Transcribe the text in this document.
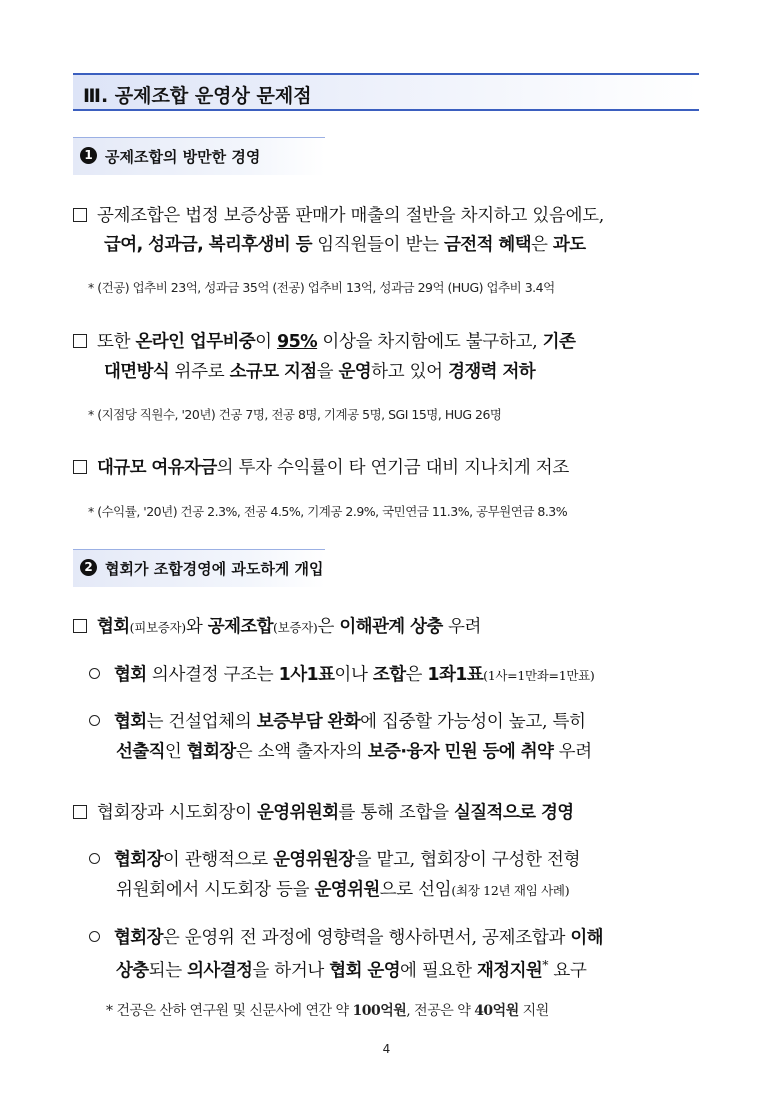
Ⅲ. 공제조합 운영상 문제점
1 공제조합의 방만한 경영
공제조합은 법정 보증상품 판매가 매출의 절반을 차지하고 있음에도,
급여, 성과금, 복리후생비 등 임직원들이 받는 금전적 혜택은 과도
* (건공) 업추비 23억, 성과금 35억 (전공) 업추비 13억, 성과금 29억 (HUG) 업추비 3.4억
또한 온라인 업무비중이 95% 이상을 차지함에도 불구하고, 기존
대면방식 위주로 소규모 지점을 운영하고 있어 경쟁력 저하
* (지점당 직원수, '20년) 건공 7명, 전공 8명, 기계공 5명, SGI 15명, HUG 26명
대규모 여유자금의 투자 수익률이 타 연기금 대비 지나치게 저조
* (수익률, '20년) 건공 2.3%, 전공 4.5%, 기계공 2.9%, 국민연금 11.3%, 공무원연금 8.3%
2 협회가 조합경영에 과도하게 개입
협회(피보증자)와 공제조합(보증자)은 이해관계 상충 우려
협회 의사결정 구조는 1사1표이나 조합은 1좌1표(1사=1만좌=1만표)
협회는 건설업체의 보증부담 완화에 집중할 가능성이 높고, 특히
선출직인 협회장은 소액 출자자의 보증·융자 민원 등에 취약 우려
협회장과 시도회장이 운영위원회를 통해 조합을 실질적으로 경영
협회장이 관행적으로 운영위원장을 맡고, 협회장이 구성한 전형
위원회에서 시도회장 등을 운영위원으로 선임(최장 12년 재임 사례)
협회장은 운영위 전 과정에 영향력을 행사하면서, 공제조합과 이해
상충되는 의사결정을 하거나 협회 운영에 필요한 재정지원* 요구
* 건공은 산하 연구원 및 신문사에 연간 약 100억원, 전공은 약 40억원 지원
4
